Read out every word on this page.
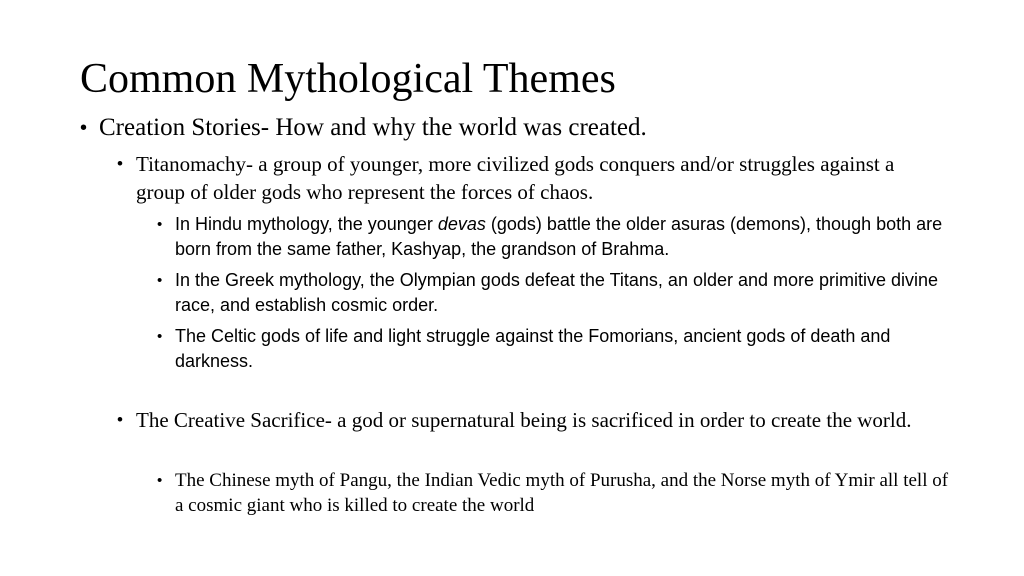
Common Mythological Themes
• Creation Stories- How and why the world was created.
• Titanomachy- a group of younger, more civilized gods conquers and/or struggles against a group of older gods who represent the forces of chaos.
• In Hindu mythology, the younger devas (gods) battle the older asuras (demons), though both are born from the same father, Kashyap, the grandson of Brahma.
• In the Greek mythology, the Olympian gods defeat the Titans, an older and more primitive divine race, and establish cosmic order.
• The Celtic gods of life and light struggle against the Fomorians, ancient gods of death and darkness.
• The Creative Sacrifice- a god or supernatural being is sacrificed in order to create the world.
• The Chinese myth of Pangu, the Indian Vedic myth of Purusha, and the Norse myth of Ymir all tell of a cosmic giant who is killed to create the world
